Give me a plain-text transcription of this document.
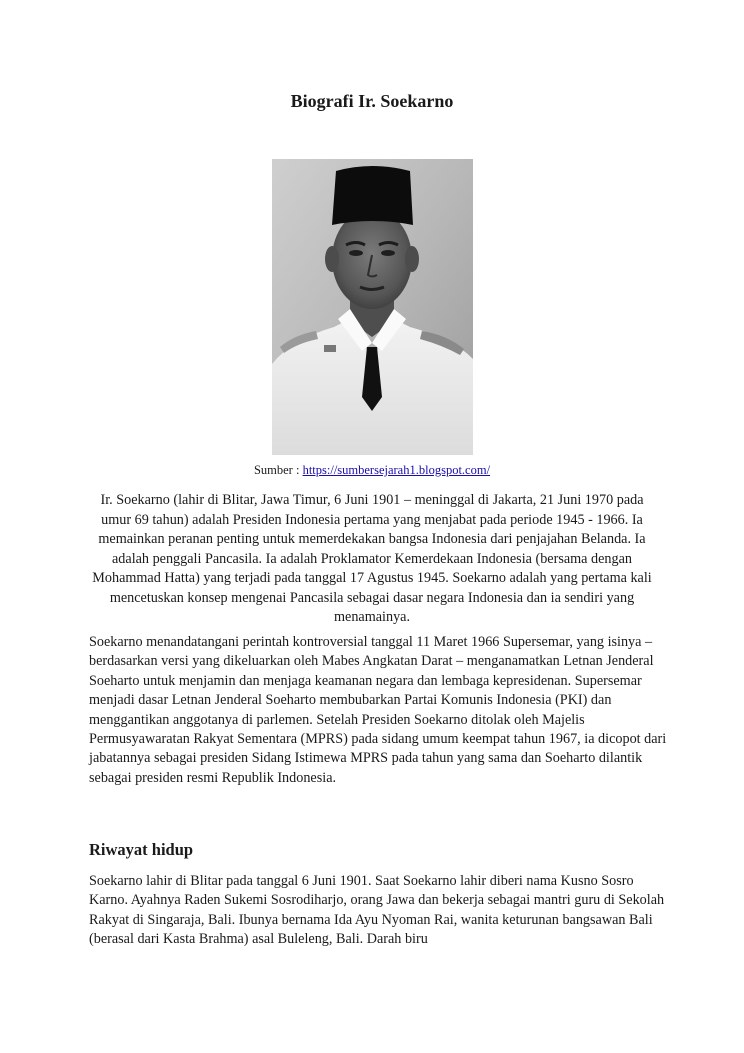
Biografi Ir. Soekarno

Sumber : https://sumbersejarah1.blogspot.com/

Ir. Soekarno (lahir di Blitar, Jawa Timur, 6 Juni 1901 – meninggal di Jakarta, 21 Juni 1970 pada umur 69 tahun) adalah Presiden Indonesia pertama yang menjabat pada periode 1945 - 1966. Ia memainkan peranan penting untuk memerdekakan bangsa Indonesia dari penjajahan Belanda. Ia adalah penggali Pancasila. Ia adalah Proklamator Kemerdekaan Indonesia (bersama dengan Mohammad Hatta) yang terjadi pada tanggal 17 Agustus 1945. Soekarno adalah yang pertama kali mencetuskan konsep mengenai Pancasila sebagai dasar negara Indonesia dan ia sendiri yang menamainya.

Soekarno menandatangani perintah kontroversial tanggal 11 Maret 1966 Supersemar, yang isinya – berdasarkan versi yang dikeluarkan oleh Mabes Angkatan Darat – menganamatkan Letnan Jenderal Soeharto untuk menjamin dan menjaga keamanan negara dan lembaga kepresidenan. Supersemar menjadi dasar Letnan Jenderal Soeharto membubarkan Partai Komunis Indonesia (PKI) dan menggantikan anggotanya di parlemen. Setelah Presiden Soekarno ditolak oleh Majelis Permusyawaratan Rakyat Sementara (MPRS) pada sidang umum keempat tahun 1967, ia dicopot dari jabatannya sebagai presiden Sidang Istimewa MPRS pada tahun yang sama dan Soeharto dilantik sebagai presiden resmi Republik Indonesia.

Riwayat hidup

Soekarno lahir di Blitar pada tanggal 6 Juni 1901. Saat Soekarno lahir diberi nama Kusno Sosro Karno. Ayahnya Raden Sukemi Sosrodiharjo, orang Jawa dan bekerja sebagai mantri guru di Sekolah Rakyat di Singaraja, Bali. Ibunya bernama Ida Ayu Nyoman Rai, wanita keturunan bangsawan Bali (berasal dari Kasta Brahma) asal Buleleng, Bali. Darah biru
